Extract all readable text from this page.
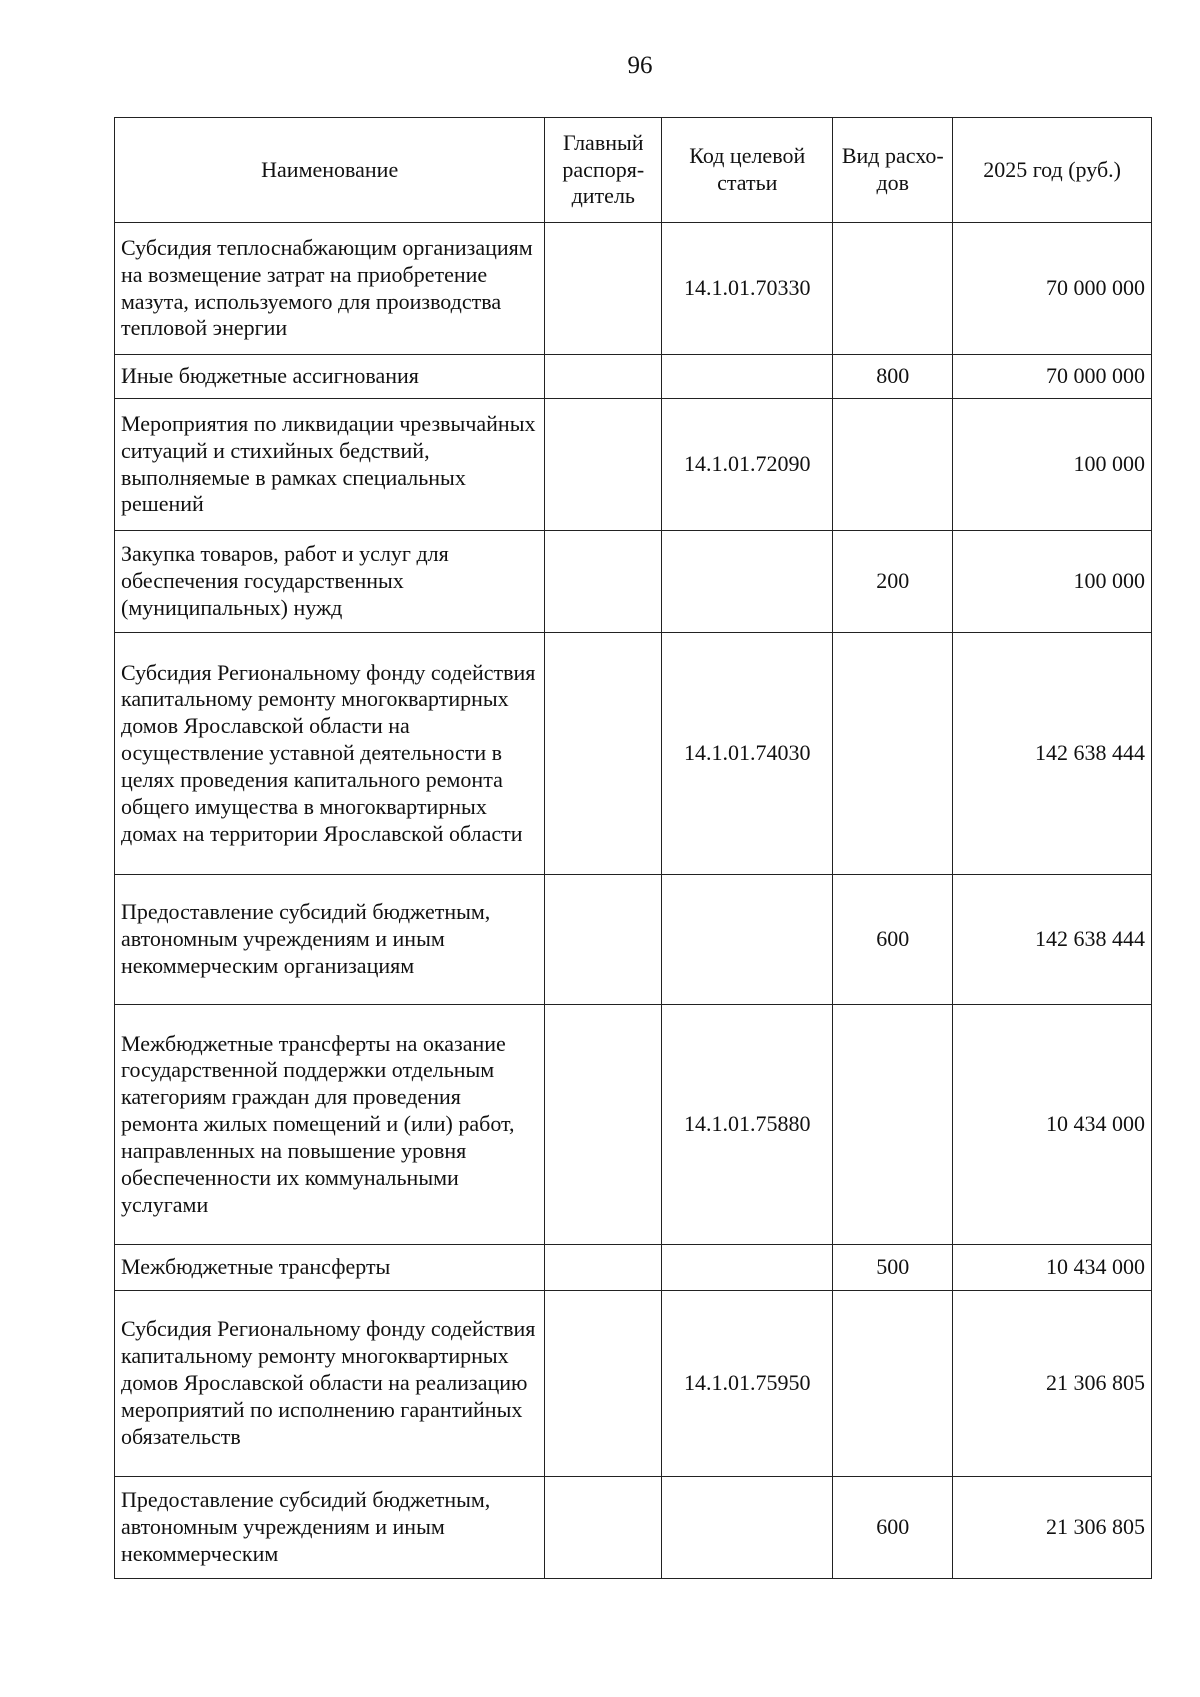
96
Наименование	Главный распоря-дитель	Код целевой статьи	Вид расхо-дов	2025 год (руб.)
Субсидия теплоснабжающим организациям на возмещение затрат на приобретение мазута, используемого для производства тепловой энергии		14.1.01.70330		70 000 000
Иные бюджетные ассигнования			800	70 000 000
Мероприятия по ликвидации чрезвычайных ситуаций и стихийных бедствий, выполняемые в рамках специальных решений		14.1.01.72090		100 000
Закупка товаров, работ и услуг для обеспечения государственных (муниципальных) нужд			200	100 000
Субсидия Региональному фонду содействия капитальному ремонту многоквартирных домов Ярославской области на осуществление уставной деятельности в целях проведения капитального ремонта общего имущества в многоквартирных домах на территории Ярославской области		14.1.01.74030		142 638 444
Предоставление субсидий бюджетным, автономным учреждениям и иным некоммерческим организациям			600	142 638 444
Межбюджетные трансферты на оказание государственной поддержки отдельным категориям граждан для проведения ремонта жилых помещений и (или) работ, направленных на повышение уровня обеспеченности их коммунальными услугами		14.1.01.75880		10 434 000
Межбюджетные трансферты			500	10 434 000
Субсидия Региональному фонду содействия капитальному ремонту многоквартирных домов Ярославской области на реализацию мероприятий по исполнению гарантийных обязательств		14.1.01.75950		21 306 805
Предоставление субсидий бюджетным, автономным учреждениям и иным некоммерческим			600	21 306 805
